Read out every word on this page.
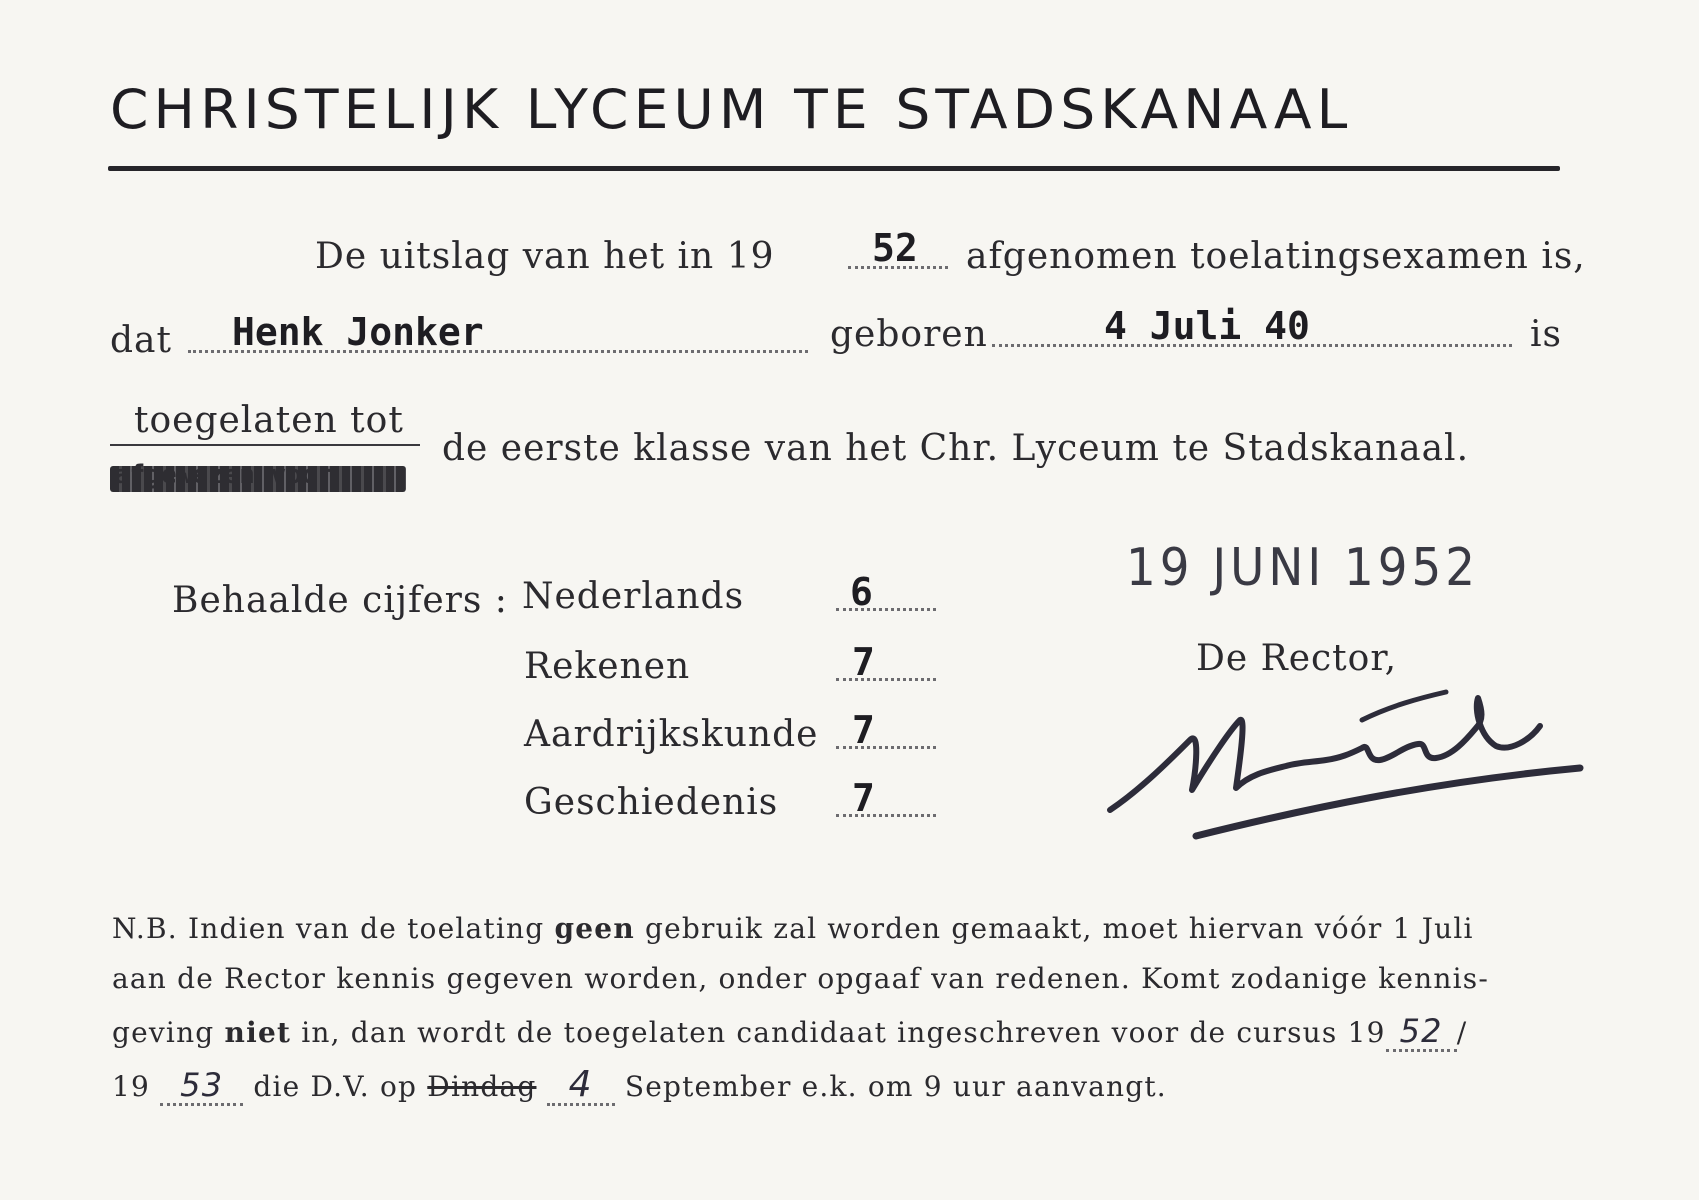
CHRISTELIJK LYCEUM TE STADSKANAAL
De uitslag van het in 19	52 afgenomen toelatingsexamen is,
dat Henk Jonker	geboren	4 Juli 40	is
toegelaten tot
afgewezen voor
de eerste klasse van het Chr. Lyceum te Stadskanaal.
19 JUNI 1952
Behaalde cijfers : Nederlands	6
Rekenen	7
Aardrijkskunde 7
Geschiedenis 7
De Rector,
N.B. Indien van de toelating geen gebruik zal worden gemaakt, moet hiervan vóór 1 Juli
aan de Rector kennis gegeven worden, onder opgaaf van redenen. Komt zodanige kennis-
geving niet in, dan wordt de toegelaten candidaat ingeschreven voor de cursus 19 52 /
19 53 die D.V. op Dindag 4 September e.k. om 9 uur aanvangt.
